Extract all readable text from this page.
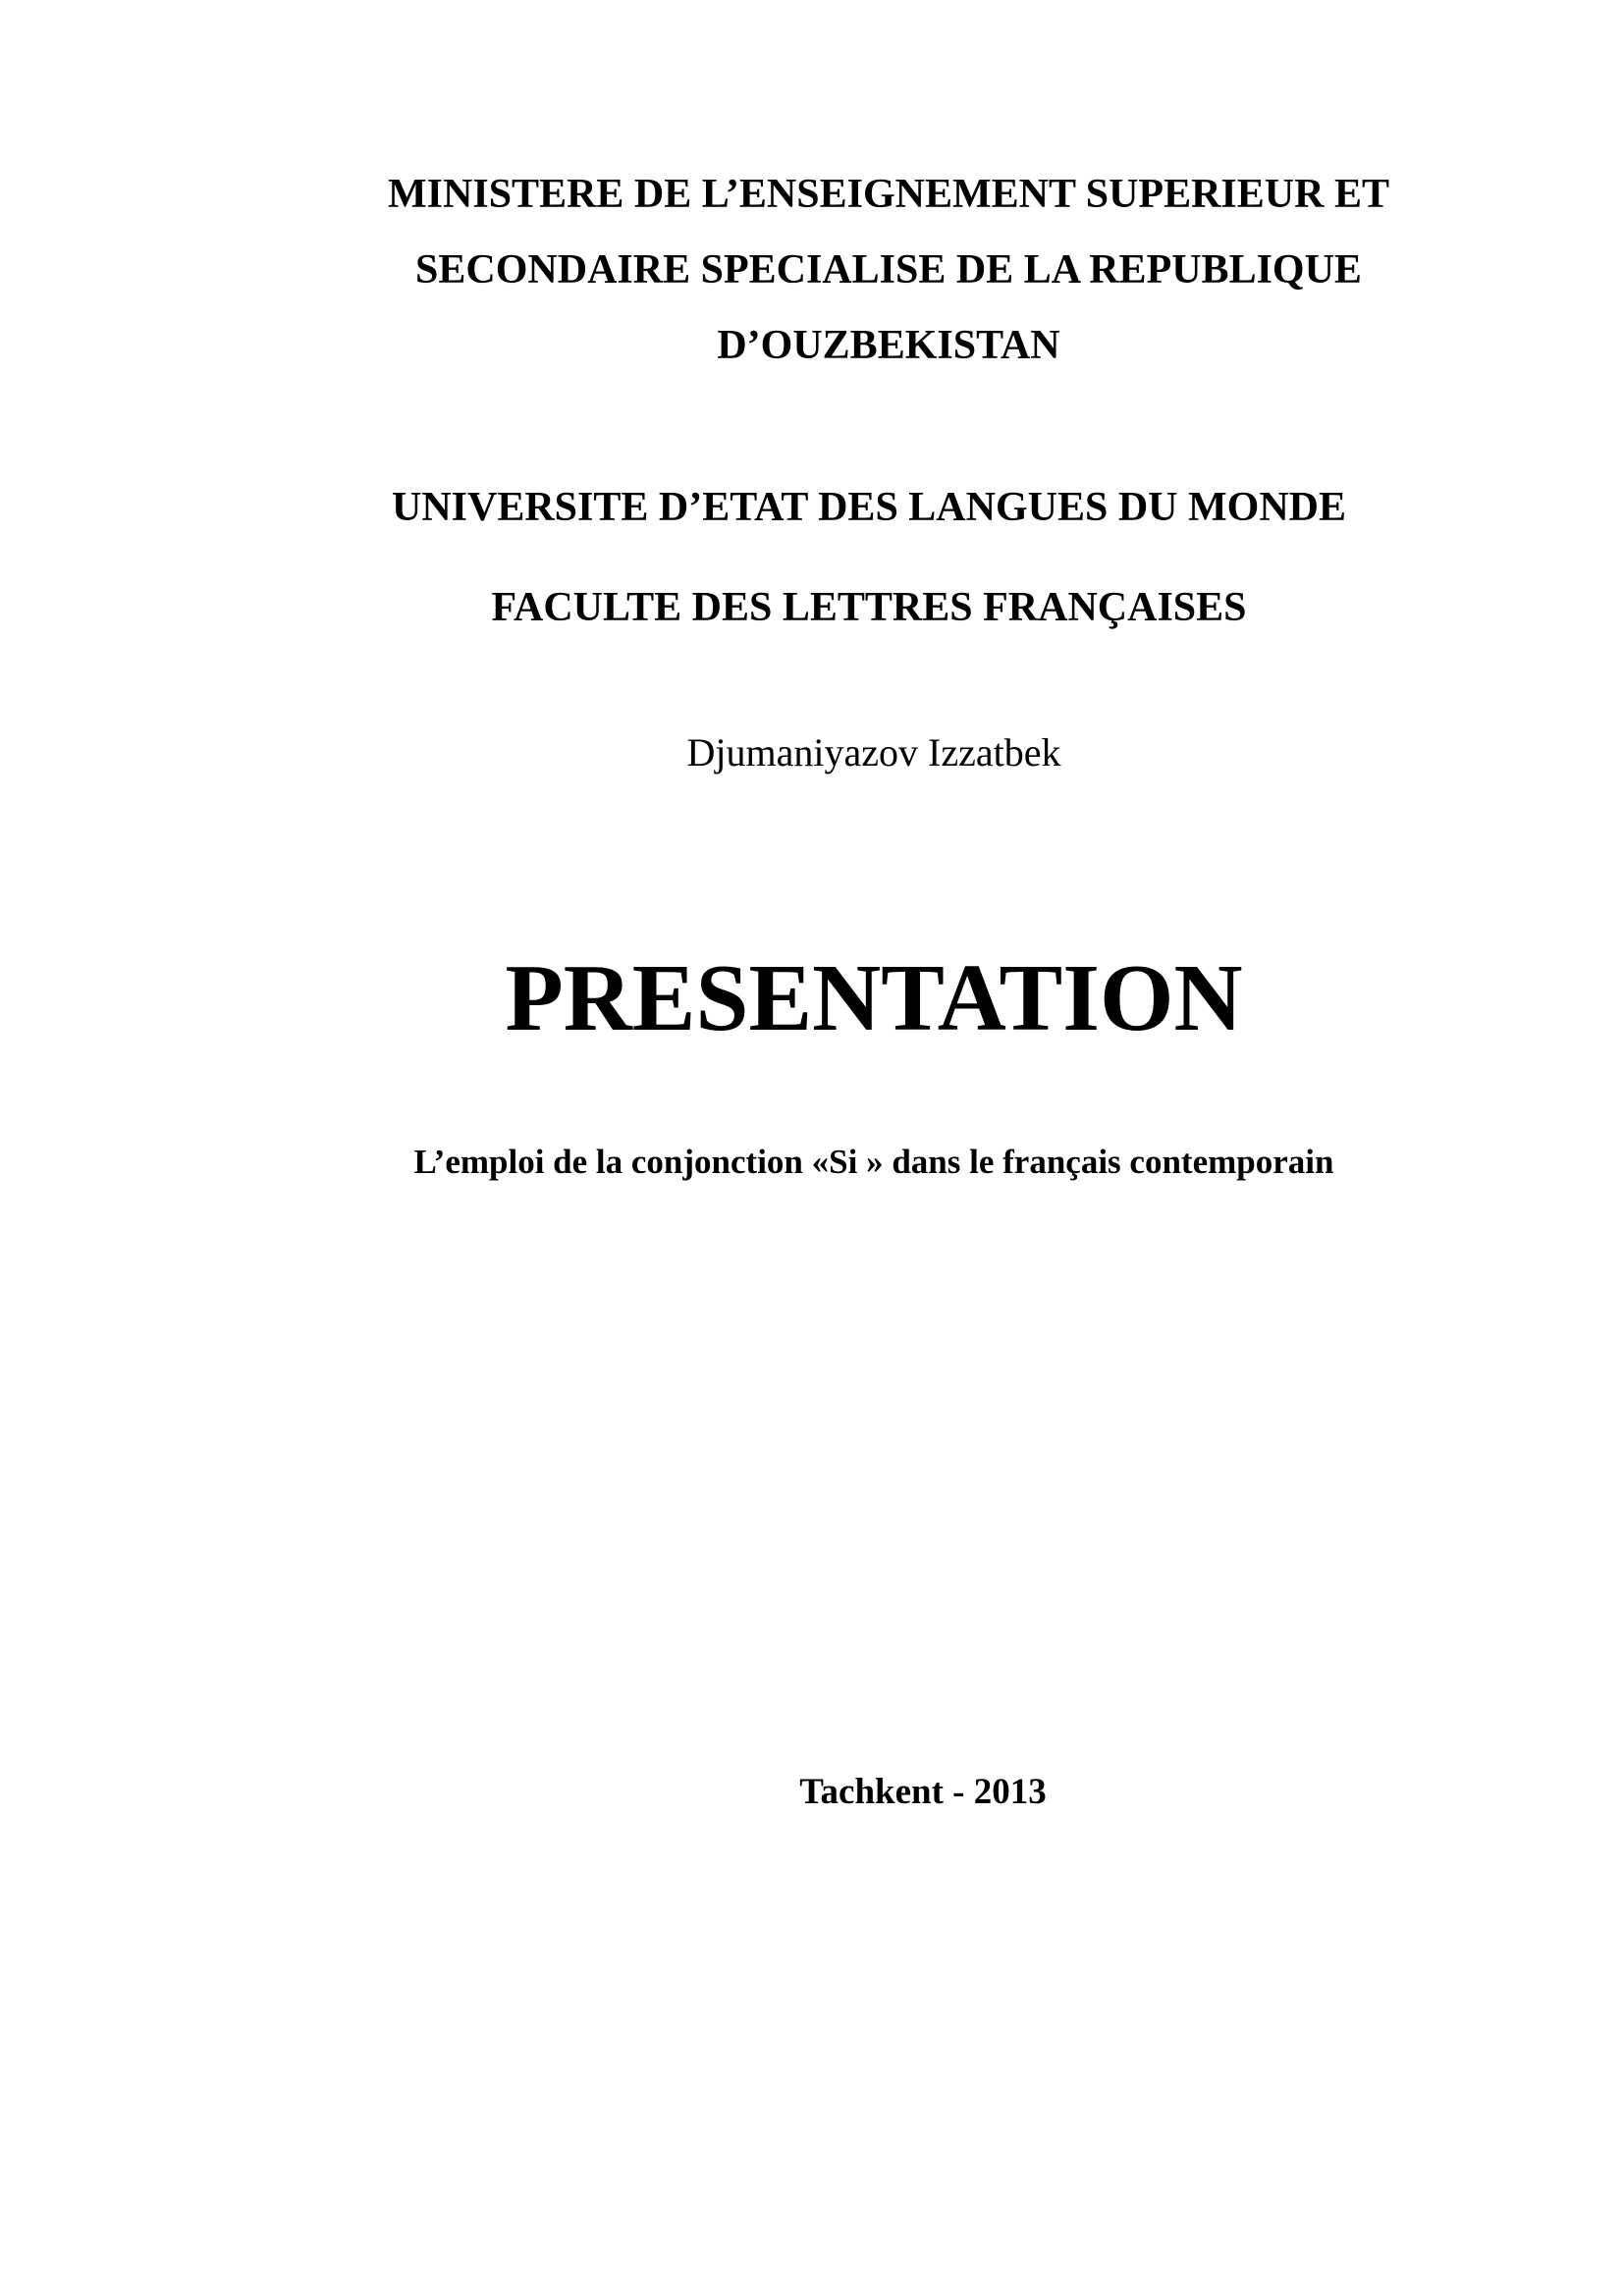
MINISTERE DE L’ENSEIGNEMENT SUPERIEUR ET
SECONDAIRE SPECIALISE DE LA REPUBLIQUE
D’OUZBEKISTAN

UNIVERSITE D’ETAT DES LANGUES DU MONDE

FACULTE DES LETTRES FRANÇAISES

Djumaniyazov Izzatbek

PRESENTATION

L’emploi de la conjonction «Si » dans le français contemporain

Tachkent - 2013
